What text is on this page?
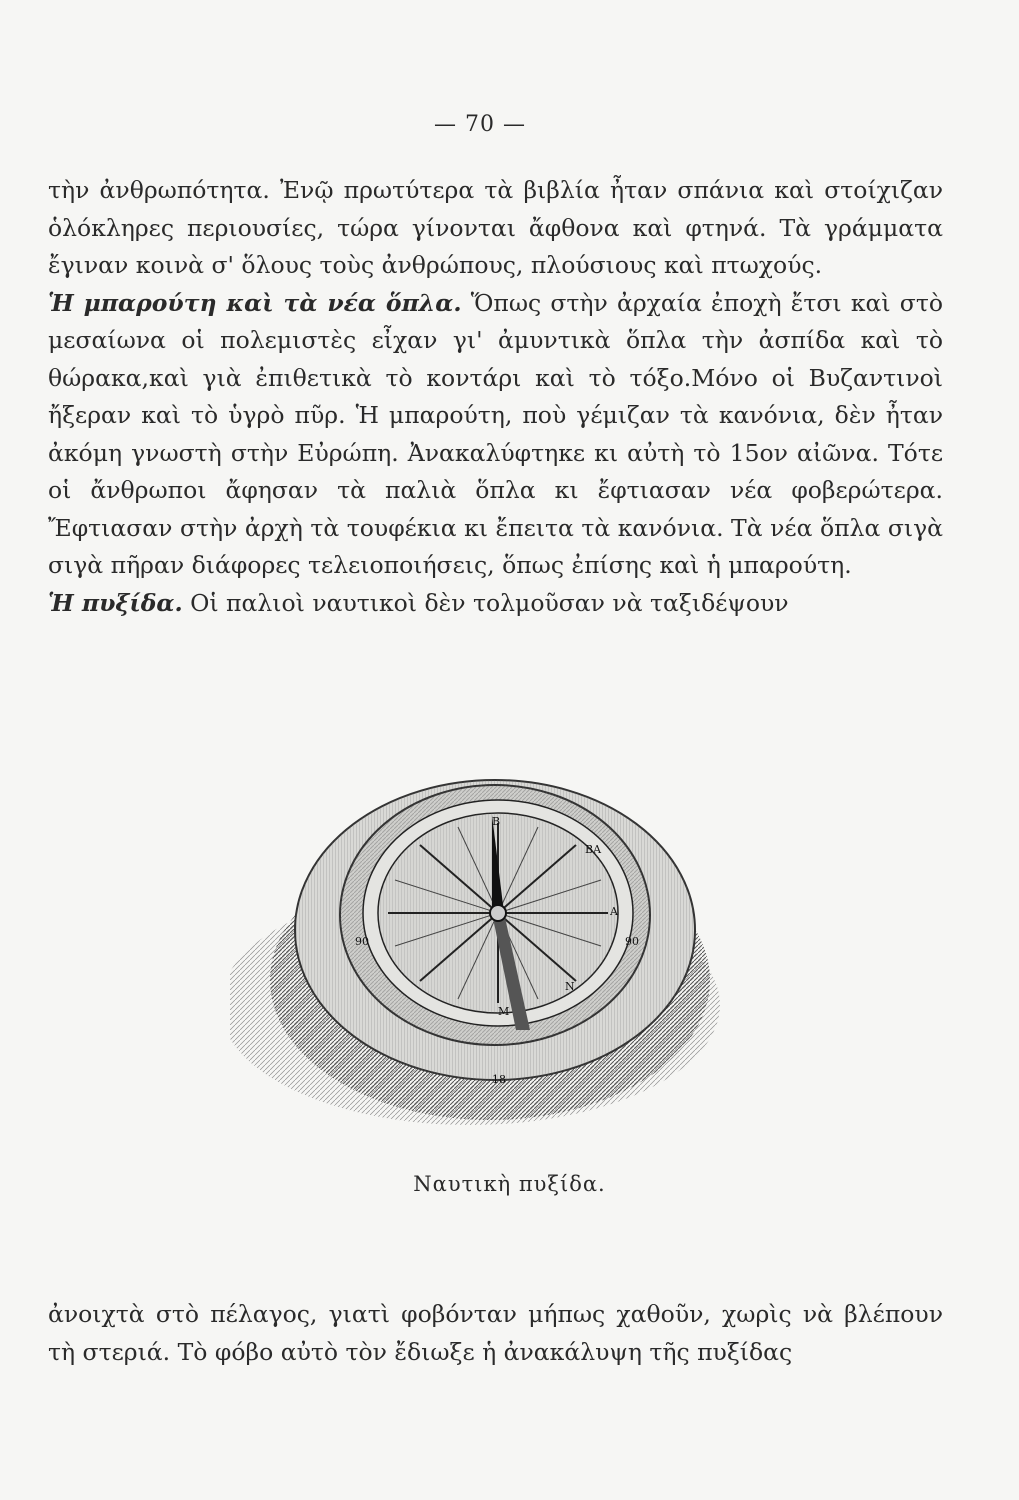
— 70 —

τὴν ἀνθρωπότητα. Ἐνῷ πρωτύτερα τὰ βιβλία ἦταν σπάνια καὶ στοίχιζαν ὁλόκληρες περιουσίες, τώρα γίνονται ἄφθονα καὶ φτηνά. Τὰ γράμματα ἔγιναν κοινὰ σ' ὅλους τοὺς ἀνθρώπους, πλούσιους καὶ πτωχούς.

Ἡ μπαρούτη καὶ τὰ νέα ὅπλα. Ὅπως στὴν ἀρχαία ἐποχὴ ἔτσι καὶ στὸ μεσαίωνα οἱ πολεμιστὲς εἶχαν γι' ἀμυντικὰ ὅπλα τὴν ἀσπίδα καὶ τὸ θώρακα,καὶ γιὰ ἐπιθετικὰ τὸ κοντάρι καὶ τὸ τόξο.Μόνο οἱ Βυζαντινοὶ ἤξεραν καὶ τὸ ὑγρὸ πῦρ. Ἡ μπαρούτη, ποὺ γέμιζαν τὰ κανόνια, δὲν ἦταν ἀκόμη γνωστὴ στὴν Εὐρώπη. Ἀνακαλύφτηκε κι αὐτὴ τὸ 15ον αἰῶνα. Τότε οἱ ἄνθρωποι ἄφησαν τὰ παλιὰ ὅπλα κι ἔφτιασαν νέα φοβερώτερα. Ἔφτιασαν στὴν ἀρχὴ τὰ τουφέκια κι ἔπειτα τὰ κανόνια. Τὰ νέα ὅπλα σιγὰ σιγὰ πῆραν διάφορες τελειοποιήσεις, ὅπως ἐπίσης καὶ ἡ μπαρούτη.

Ἡ πυξίδα. Οἱ παλιοὶ ναυτικοὶ δὲν τολμοῦσαν νὰ ταξιδέψουν

B
BA
A
N
M
90	90
18
Ναυτικὴ πυξίδα.

ἀνοιχτὰ στὸ πέλαγος, γιατὶ φοβόνταν μήπως χαθοῦν, χωρὶς νὰ βλέπουν τὴ στεριά. Τὸ φόβο αὐτὸ τὸν ἔδιωξε ἡ ἀνακάλυψη τῆς πυξίδας
